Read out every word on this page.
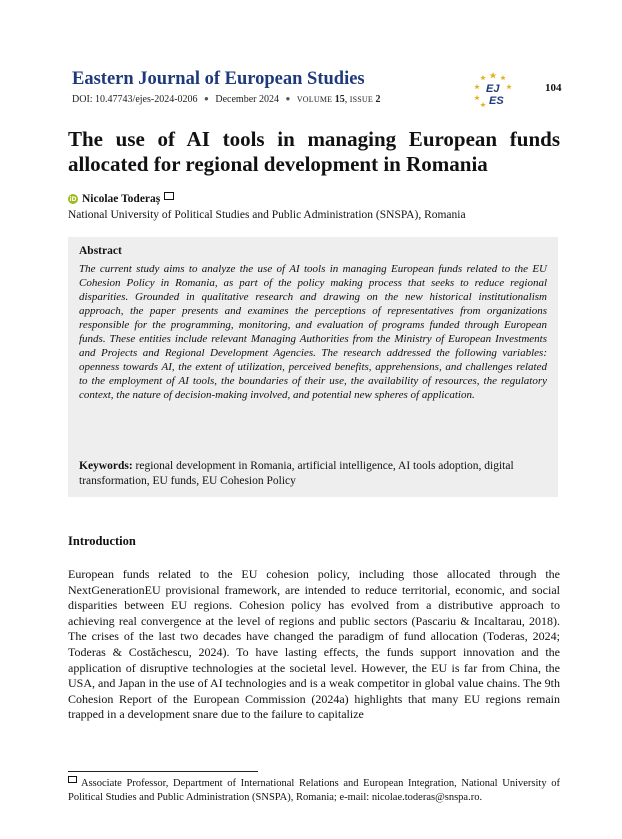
Eastern Journal of European Studies
DOI: 10.47743/ejes-2024-0206 ● December 2024 ● VOLUME 15, ISSUE 2
EJ
ES
104
The use of AI tools in managing European funds allocated for regional development in Romania
iD Nicolae Toderaș
National University of Political Studies and Public Administration (SNSPA), Romania
Abstract
The current study aims to analyze the use of AI tools in managing European funds related to the EU Cohesion Policy in Romania, as part of the policy making process that seeks to reduce regional disparities. Grounded in qualitative research and drawing on the new historical institutionalism approach, the paper presents and examines the perceptions of representatives from organizations responsible for the programming, monitoring, and evaluation of programs funded through European funds. These entities include relevant Managing Authorities from the Ministry of European Investments and Projects and Regional Development Agencies. The research addressed the following variables: openness towards AI, the extent of utilization, perceived benefits, apprehensions, and challenges related to the employment of AI tools, the boundaries of their use, the availability of resources, the regulatory context, the nature of decision-making involved, and potential new spheres of application.
Keywords: regional development in Romania, artificial intelligence, AI tools adoption, digital transformation, EU funds, EU Cohesion Policy
Introduction
European funds related to the EU cohesion policy, including those allocated through the NextGenerationEU provisional framework, are intended to reduce territorial, economic, and social disparities between EU regions. Cohesion policy has evolved from a distributive approach to achieving real convergence at the level of regions and public sectors (Pascariu & Incaltarau, 2018). The crises of the last two decades have changed the paradigm of fund allocation (Toderas, 2024; Toderas & Costăchescu, 2024). To have lasting effects, the funds support innovation and the application of disruptive technologies at the societal level. However, the EU is far from China, the USA, and Japan in the use of AI technologies and is a weak competitor in global value chains. The 9th Cohesion Report of the European Commission (2024a) highlights that many EU regions remain trapped in a development snare due to the failure to capitalize
Associate Professor, Department of International Relations and European Integration, National University of Political Studies and Public Administration (SNSPA), Romania; e-mail: nicolae.toderas@snspa.ro.
